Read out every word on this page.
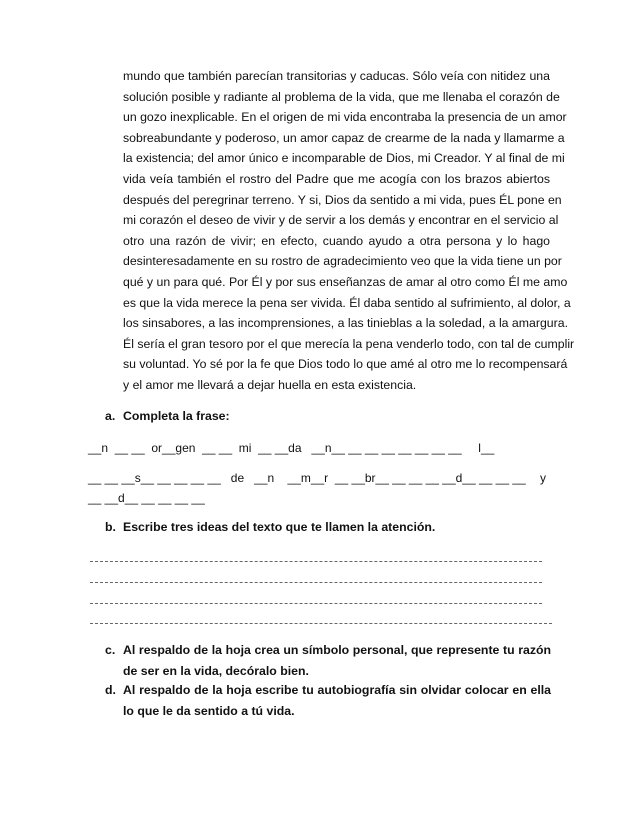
mundo que también parecían transitorias y caducas. Sólo veía con nitidez una
solución posible y radiante al problema de la vida, que me llenaba el corazón de
un gozo inexplicable. En el origen de mi vida encontraba la presencia de un amor
sobreabundante y poderoso, un amor capaz de crearme de la nada y llamarme a
la existencia; del amor único e incomparable de Dios, mi Creador. Y al final de mi
vida veía también el rostro del Padre que me acogía con los brazos abiertos
después del peregrinar terreno. Y si, Dios da sentido a mi vida, pues ÉL pone en
mi corazón el deseo de vivir y de servir a los demás y encontrar en el servicio al
otro una razón de vivir; en efecto, cuando ayudo a otra persona y lo hago
desinteresadamente en su rostro de agradecimiento veo que la vida tiene un por
qué y un para qué. Por Él y por sus enseñanzas de amar al otro como Él me amo
es que la vida merece la pena ser vivida. Él daba sentido al sufrimiento, al dolor, a
los sinsabores, a las incomprensiones, a las tinieblas a la soledad, a la amargura.
Él sería el gran tesoro por el que merecía la pena venderlo todo, con tal de cumplir
su voluntad. Yo sé por la fe que Dios todo lo que amé al otro me lo recompensará
y el amor me llevará a dejar huella en esta existencia.

a. Completa la frase:

__n  __ __  or__gen  __ __  mi  __ __da   __n__ __ __ __ __ __ __ __     l__

__ __ __s__ __ __ __ __   de   __n    __m__r  __ __br__ __ __ __ __d__ __ __ __ y

__ __d__ __ __ __ __

b. Escribe tres ideas del texto que te llamen la atención.

c. Al respaldo de la hoja crea un símbolo personal, que represente tu razón de ser en la vida, decóralo bien.
d. Al respaldo de la hoja escribe tu autobiografía sin olvidar colocar en ella lo que le da sentido a tú vida.
